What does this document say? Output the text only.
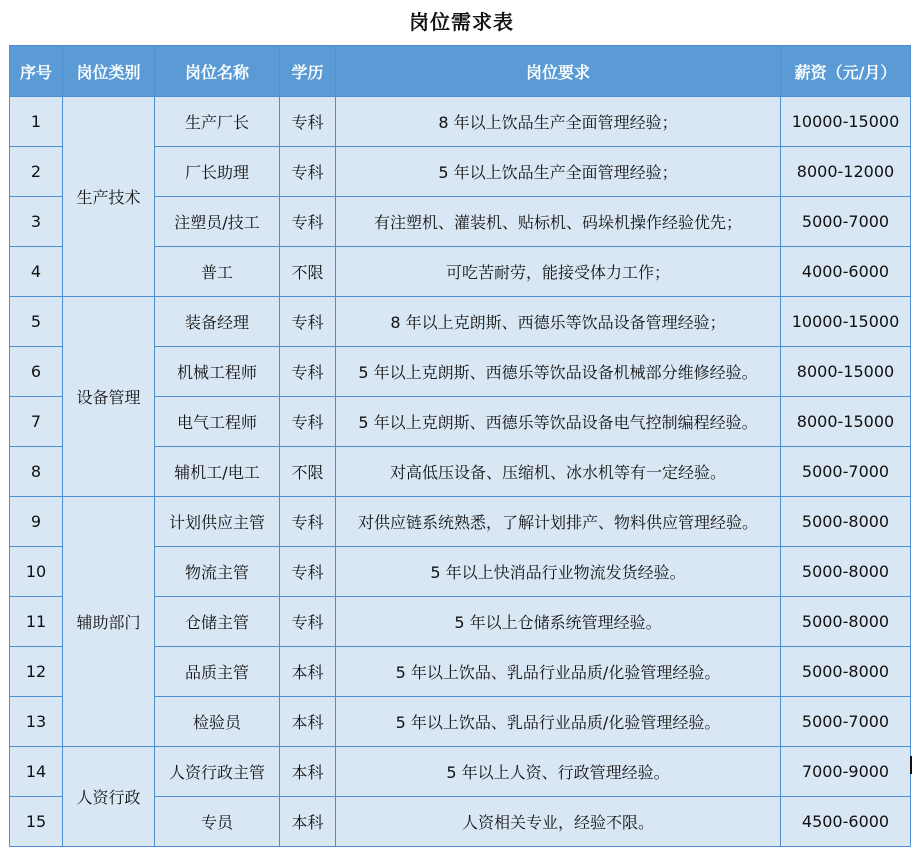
岗位需求表
序号	岗位类别	岗位名称	学历	岗位要求	薪资（元/月）
1	生产技术	生产厂长	专科	8 年以上饮品生产全面管理经验；	10000-15000
2		厂长助理	专科	5 年以上饮品生产全面管理经验；	8000-12000
3		注塑员/技工	专科	有注塑机、灌装机、贴标机、码垛机操作经验优先；	5000-7000
4		普工	不限	可吃苦耐劳，能接受体力工作；	4000-6000
5	设备管理	装备经理	专科	8 年以上克朗斯、西德乐等饮品设备管理经验；	10000-15000
6		机械工程师	专科	5 年以上克朗斯、西德乐等饮品设备机械部分维修经验。	8000-15000
7		电气工程师	专科	5 年以上克朗斯、西德乐等饮品设备电气控制编程经验。	8000-15000
8		辅机工/电工	不限	对高低压设备、压缩机、冰水机等有一定经验。	5000-7000
9	辅助部门	计划供应主管	专科	对供应链系统熟悉，了解计划排产、物料供应管理经验。	5000-8000
10		物流主管	专科	5 年以上快消品行业物流发货经验。	5000-8000
11		仓储主管	专科	5 年以上仓储系统管理经验。	5000-8000
12		品质主管	本科	5 年以上饮品、乳品行业品质/化验管理经验。	5000-8000
13		检验员	本科	5 年以上饮品、乳品行业品质/化验管理经验。	5000-7000
14	人资行政	人资行政主管	本科	5 年以上人资、行政管理经验。	7000-9000
15		专员	本科	人资相关专业，经验不限。	4500-6000
